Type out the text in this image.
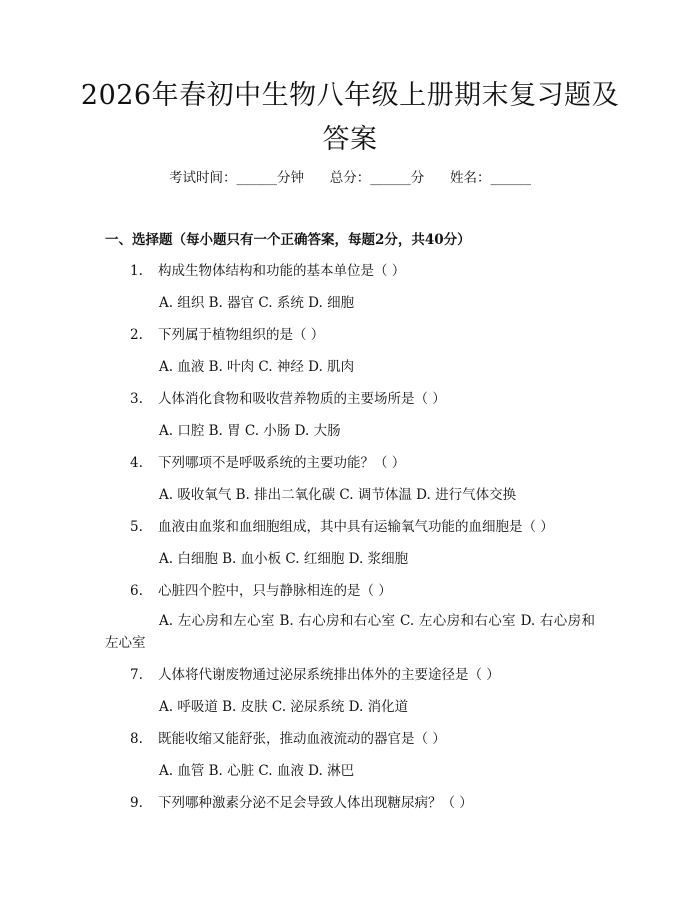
2026年春初中生物八年级上册期末复习题及答案
考试时间：______分钟      总分：______分      姓名：______
一、选择题（每小题只有一个正确答案，每题2分，共40分）
1. 构成生物体结构和功能的基本单位是（ ）
A. 组织 B. 器官 C. 系统 D. 细胞
2. 下列属于植物组织的是（ ）
A. 血液 B. 叶肉 C. 神经 D. 肌肉
3. 人体消化食物和吸收营养物质的主要场所是（ ）
A. 口腔 B. 胃 C. 小肠 D. 大肠
4. 下列哪项不是呼吸系统的主要功能？（ ）
A. 吸收氧气 B. 排出二氧化碳 C. 调节体温 D. 进行气体交换
5. 血液由血浆和血细胞组成，其中具有运输氧气功能的血细胞是（ ）
A. 白细胞 B. 血小板 C. 红细胞 D. 浆细胞
6. 心脏四个腔中，只与静脉相连的是（ ）
A. 左心房和左心室 B. 右心房和右心室 C. 左心房和右心室 D. 右心房和左心室
7. 人体将代谢废物通过泌尿系统排出体外的主要途径是（ ）
A. 呼吸道 B. 皮肤 C. 泌尿系统 D. 消化道
8. 既能收缩又能舒张，推动血液流动的器官是（ ）
A. 血管 B. 心脏 C. 血液 D. 淋巴
9. 下列哪种激素分泌不足会导致人体出现糖尿病？（ ）
